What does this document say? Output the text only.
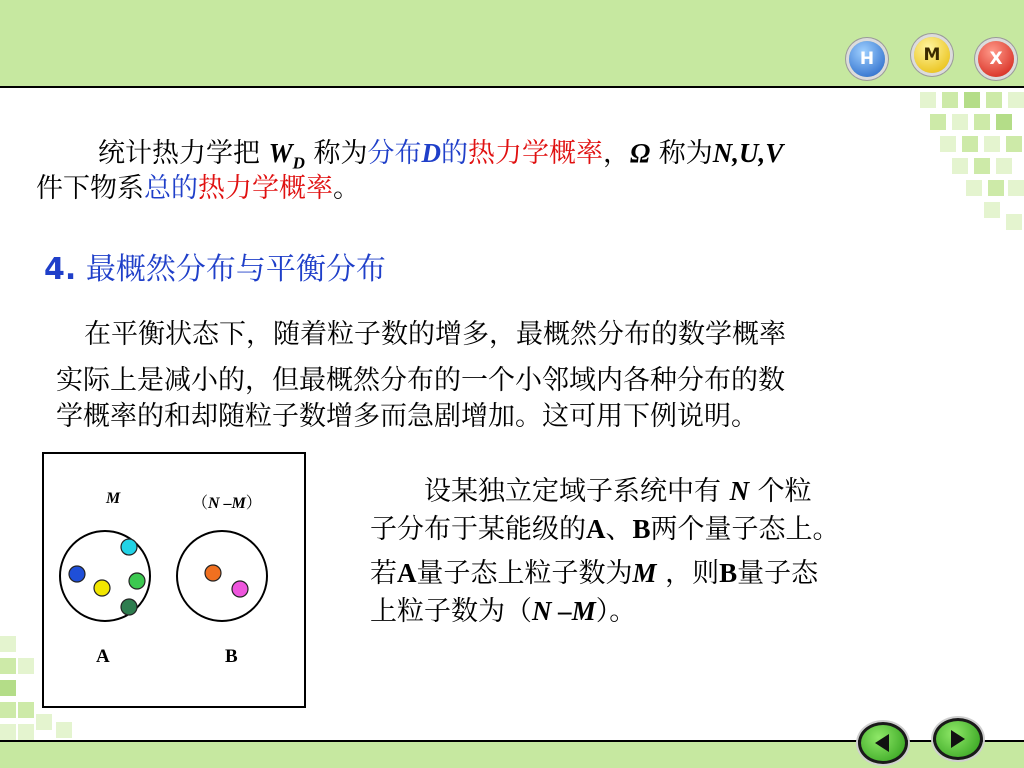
H	M	X
统计热力学把 $W_D$ 称为分布D的热力学概率，Ω 称为N,U,V
件下物系总的热力学概率。
4. 最概然分布与平衡分布
在平衡状态下，随着粒子数的增多，最概然分布的数学概率
实际上是减小的，但最概然分布的一个小邻域内各种分布的数
学概率的和却随粒子数增多而急剧增加。这可用下例说明。
M	（N –M）
A	B
设某独立定域子系统中有 N 个粒
子分布于某能级的A、B两个量子态上。
若A量子态上粒子数为M ，则B量子态
上粒子数为（N –M）。
